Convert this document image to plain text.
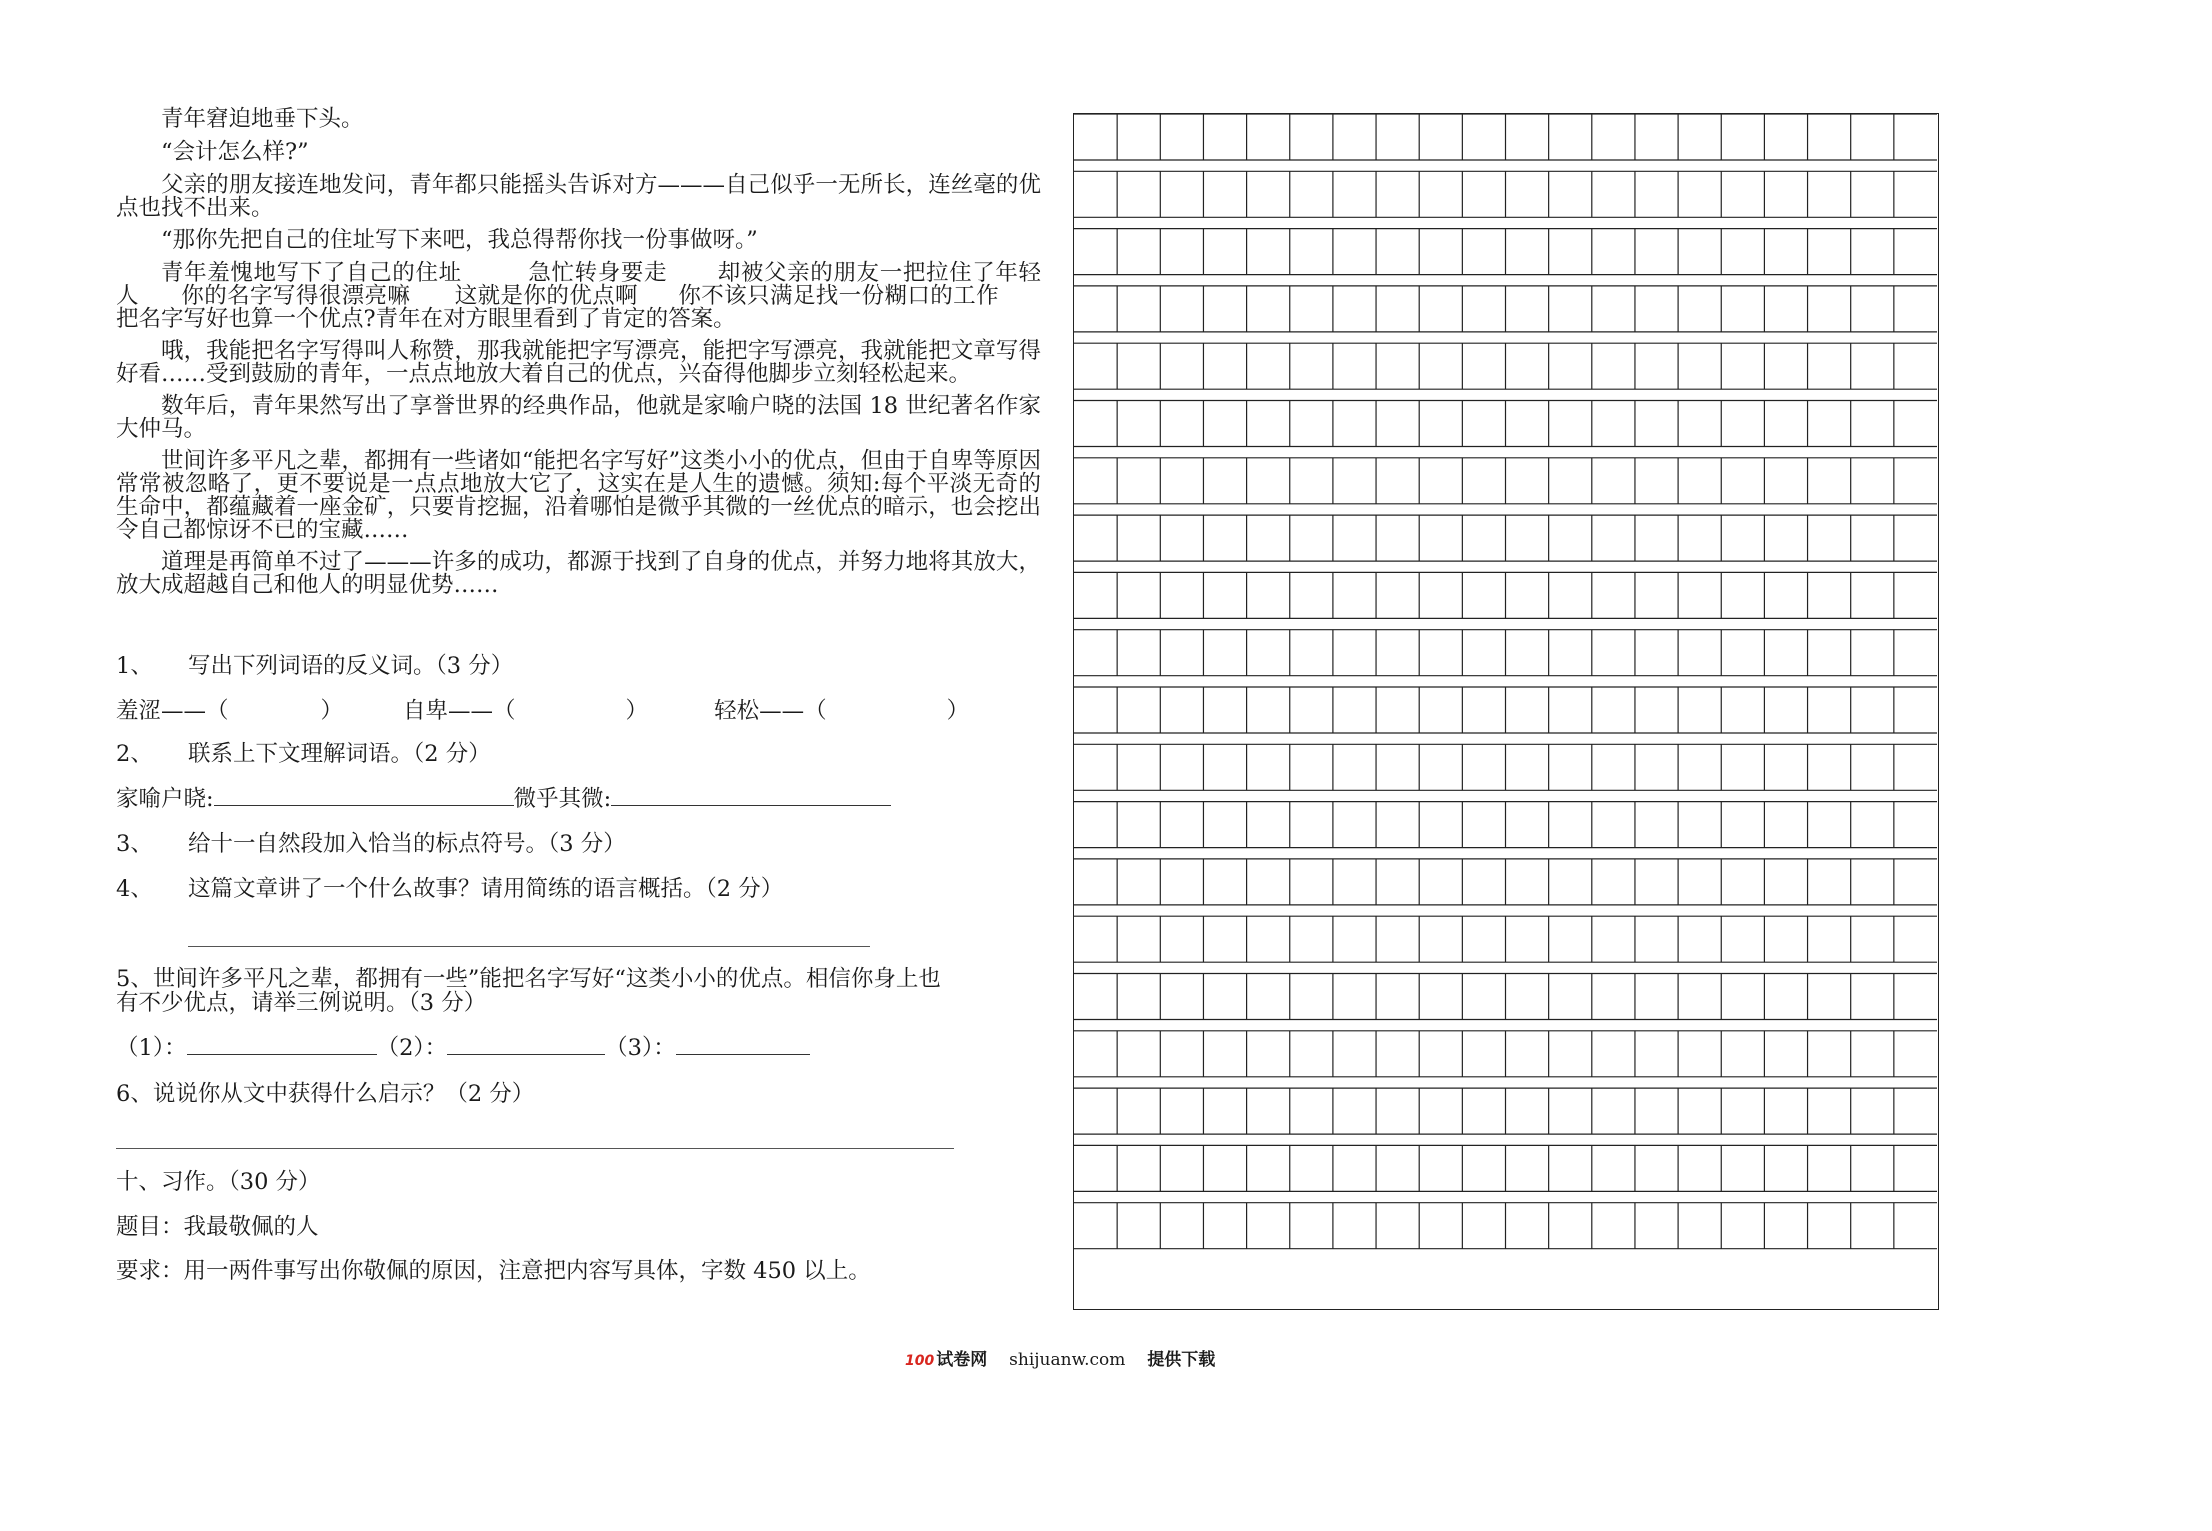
青年窘迫地垂下头。

“会计怎么样?”

父亲的朋友接连地发问，青年都只能摇头告诉对方———自己似乎一无所长，连丝毫的优点也找不出来。

“那你先把自己的住址写下来吧，我总得帮你找一份事做呀。”

青年羞愧地写下了自己的住址	急忙转身要走 却被父亲的朋友一把拉住了年轻人 你的名字写得很漂亮嘛 这就是你的优点啊 你不该只满足找一份糊口的工作把名字写好也算一个优点?青年在对方眼里看到了肯定的答案。

哦，我能把名字写得叫人称赞，那我就能把字写漂亮，能把字写漂亮，我就能把文章写得好看……受到鼓励的青年，一点点地放大着自己的优点，兴奋得他脚步立刻轻松起来。

数年后，青年果然写出了享誉世界的经典作品，他就是家喻户晓的法国 18 世纪著名作家大仲马。

世间许多平凡之辈，都拥有一些诸如“能把名字写好”这类小小的优点，但由于自卑等原因常常被忽略了，更不要说是一点点地放大它了，这实在是人生的遗憾。须知:每个平淡无奇的生命中，都蕴藏着一座金矿，只要肯挖掘，沿着哪怕是微乎其微的一丝优点的暗示，也会挖出令自己都惊讶不已的宝藏……

道理是再简单不过了———许多的成功，都源于找到了自身的优点，并努力地将其放大，放大成超越自己和他人的明显优势……

1、 写出下列词语的反义词。（3 分）
羞涩——（	）	自卑——（	）	轻松——（	）
2、 联系上下文理解词语。（2 分）
家喻户晓:	微乎其微:
3、 给十一自然段加入恰当的标点符号。（3 分）
4、 这篇文章讲了一个什么故事？请用简练的语言概括。（2 分）
5、世间许多平凡之辈，都拥有一些”能把名字写好“这类小小的优点。相信你身上也
有不少优点，请举三例说明。（3 分）
（1）：	（2）：	（3）：
6、说说你从文中获得什么启示？（2 分）
十、习作。（30 分）
题目：我最敬佩的人
要求：用一两件事写出你敬佩的原因，注意把内容写具体，字数 450 以上。
100 试卷网 shijuanw.com 提供下载
